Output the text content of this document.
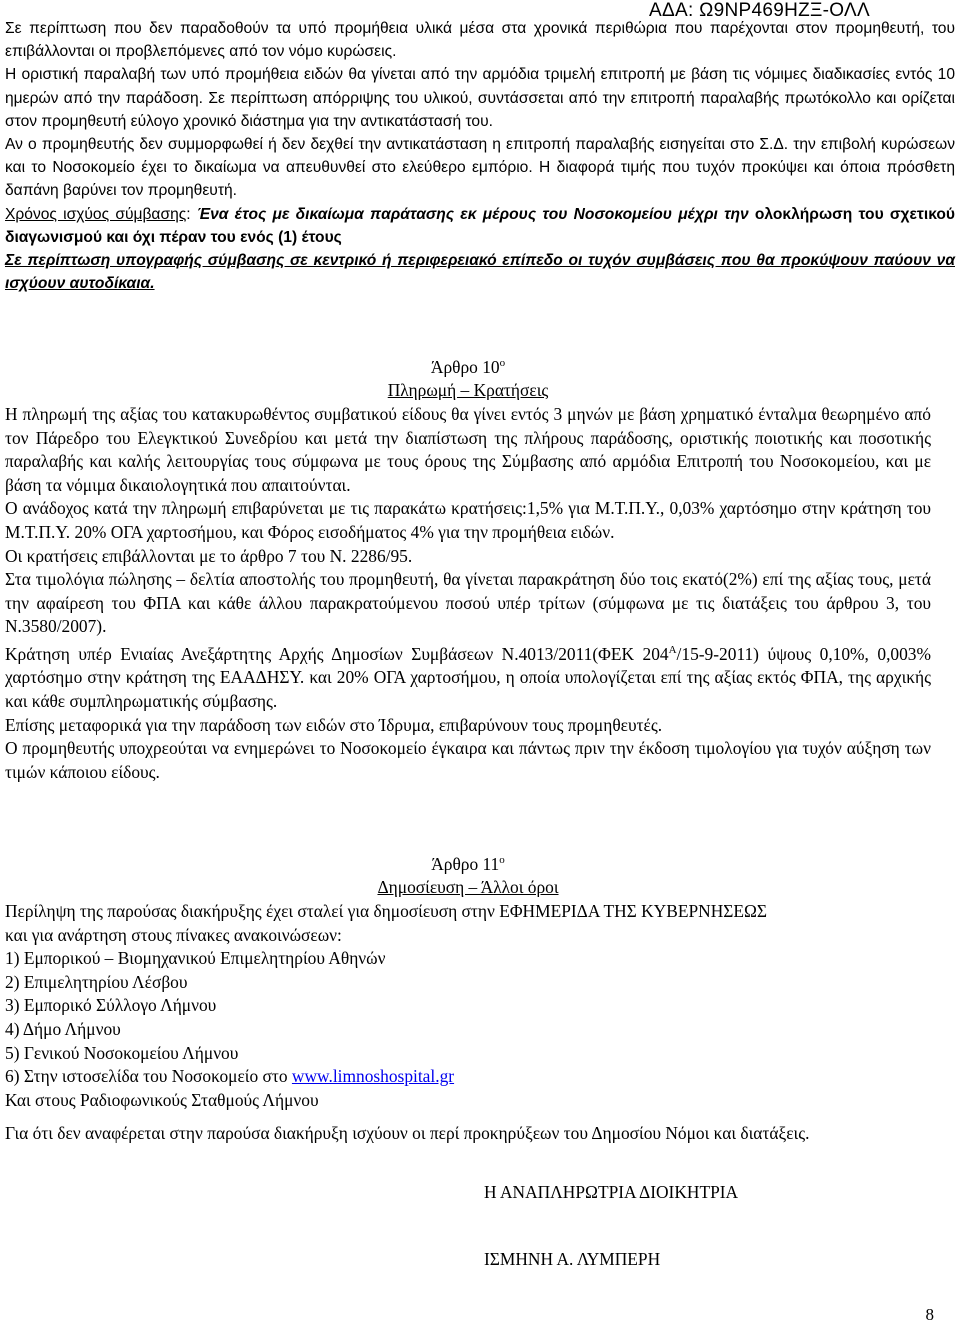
ΑΔΑ: Ω9ΝΡ469ΗΖΞ-ΟΛΛ

Σε περίπτωση που δεν παραδοθούν τα υπό προμήθεια υλικά μέσα στα χρονικά περιθώρια που παρέχονται στον προμηθευτή, του επιβάλλονται οι προβλεπόμενες από τον νόμο κυρώσεις.

Η οριστική παραλαβή των υπό προμήθεια ειδών θα γίνεται από την αρμόδια τριμελή επιτροπή με βάση τις νόμιμες διαδικασίες εντός 10 ημερών από την παράδοση. Σε περίπτωση απόρριψης του υλικού, συντάσσεται από την επιτροπή παραλαβής πρωτόκολλο και ορίζεται στον προμηθευτή εύλογο χρονικό διάστημα για την αντικατάστασή του.

Αν ο προμηθευτής δεν συμμορφωθεί ή δεν δεχθεί την αντικατάσταση η επιτροπή παραλαβής εισηγείται στο Σ.Δ. την επιβολή κυρώσεων και το Νοσοκομείο έχει το δικαίωμα να απευθυνθεί στο ελεύθερο εμπόριο. Η διαφορά τιμής που τυχόν προκύψει και όποια πρόσθετη δαπάνη βαρύνει τον προμηθευτή.

Χρόνος ισχύος σύμβασης: Ένα έτος με δικαίωμα παράτασης εκ μέρους του Νοσοκομείου μέχρι την ολοκλήρωση του σχετικού διαγωνισμού και όχι πέραν του ενός (1) έτους

Σε περίπτωση υπογραφής σύμβασης σε κεντρικό ή περιφερειακό επίπεδο οι τυχόν συμβάσεις που θα προκύψουν παύουν να ισχύουν αυτοδίκαια.

Άρθρο $10^o$

Πληρωμή – Κρατήσεις

Η πληρωμή της αξίας του κατακυρωθέντος συμβατικού είδους θα γίνει εντός 3 μηνών με βάση χρηματικό ένταλμα θεωρημένο από τον Πάρεδρο του Ελεγκτικού Συνεδρίου και μετά την διαπίστωση της πλήρους παράδοσης, οριστικής ποιοτικής και ποσοτικής παραλαβής και καλής λειτουργίας τους σύμφωνα με τους όρους της Σύμβασης από αρμόδια Επιτροπή του Νοσοκομείου, και με βάση τα νόμιμα δικαιολογητικά που απαιτούνται.

Ο ανάδοχος κατά την πληρωμή επιβαρύνεται με τις παρακάτω κρατήσεις:1,5% για Μ.Τ.Π.Υ., 0,03% χαρτόσημο στην κράτηση του Μ.Τ.Π.Υ. 20% ΟΓΑ χαρτοσήμου, και Φόρος εισοδήματος 4% για την προμήθεια ειδών.

Οι κρατήσεις επιβάλλονται με το άρθρο 7 του Ν. 2286/95.

Στα τιμολόγια πώλησης – δελτία αποστολής του προμηθευτή, θα γίνεται παρακράτηση δύο τοις εκατό(2%) επί της αξίας τους, μετά την αφαίρεση του ΦΠΑ και κάθε άλλου παρακρατούμενου ποσού υπέρ τρίτων (σύμφωνα με τις διατάξεις του άρθρου 3, του Ν.3580/2007).

Κράτηση υπέρ Ενιαίας Ανεξάρτητης Αρχής Δημοσίων Συμβάσεων Ν.4013/2011(ΦΕΚ $204^A/15-9-2011$) ύψους 0,10%, 0,003% χαρτόσημο στην κράτηση της ΕΑΑΔΗΣΥ. και 20% ΟΓΑ χαρτοσήμου, η οποία υπολογίζεται επί της αξίας εκτός ΦΠΑ, της αρχικής και κάθε συμπληρωματικής σύμβασης.

Επίσης μεταφορικά για την παράδοση των ειδών στο Ίδρυμα, επιβαρύνουν τους προμηθευτές.

Ο προμηθευτής υποχρεούται να ενημερώνει το Νοσοκομείο έγκαιρα και πάντως πριν την έκδοση τιμολογίου για τυχόν αύξηση των τιμών κάποιου είδους.

Άρθρο $11^o$

Δημοσίευση – Άλλοι όροι

Περίληψη της παρούσας διακήρυξης έχει σταλεί για δημοσίευση στην ΕΦΗΜΕΡΙΔΑ ΤΗΣ ΚΥΒΕΡΝΗΣΕΩΣ

και για ανάρτηση στους πίνακες ανακοινώσεων:

1) Εμπορικού – Βιομηχανικού Επιμελητηρίου Αθηνών

2) Επιμελητηρίου Λέσβου

3) Εμπορικό Σύλλογο Λήμνου

4) Δήμο Λήμνου

5) Γενικού Νοσοκομείου Λήμνου

6) Στην ιστοσελίδα του Νοσοκομείο στο www.limnoshospital.gr

Και στους Ραδιοφωνικούς Σταθμούς Λήμνου

Για ότι δεν αναφέρεται στην παρούσα διακήρυξη ισχύουν οι περί προκηρύξεων του Δημοσίου Νόμοι και διατάξεις.

Η ΑΝΑΠΛΗΡΩΤΡΙΑ ΔΙΟΙΚΗΤΡΙΑ
ΙΣΜΗΝΗ Α. ΛΥΜΠΕΡΗ
8
